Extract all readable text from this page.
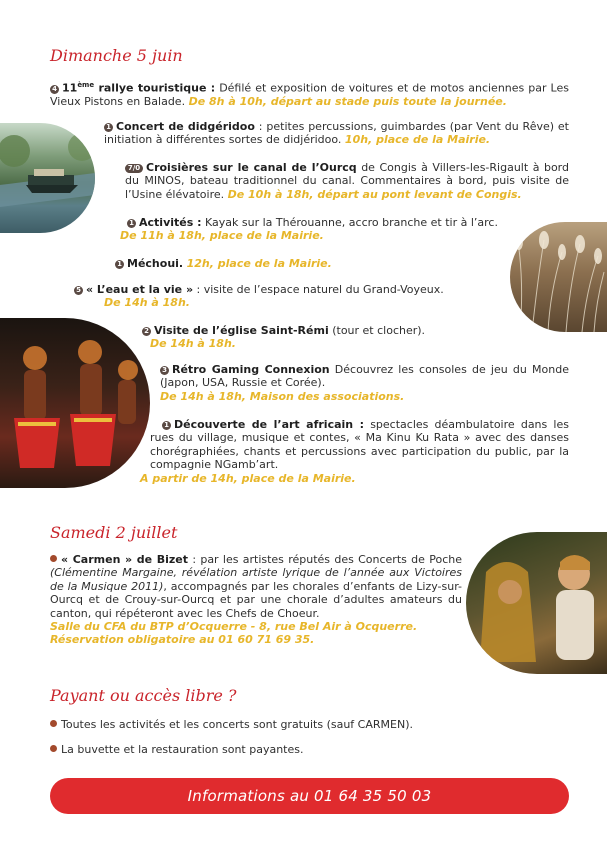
Dimanche 5 juin
4 11ème rallye touristique : Défilé et exposition de voitures et de motos anciennes par Les Vieux Pistons en Balade. De 8h à 10h, départ au stade puis toute la journée.
1 Concert de didgéridoo : petites percussions, guimbardes (par Vent du Rêve) et initiation à différentes sortes de didjéridoo. 10h, place de la Mairie.
7/0 Croisières sur le canal de l’Ourcq de Congis à Villers-les-Rigault à bord du MINOS, bateau traditionnel du canal. Commentaires à bord, puis visite de l’Usine élévatoire. De 10h à 18h, départ au pont levant de Congis.
1 Activités : Kayak sur la Thérouanne, accro branche et tir à l’arc.
De 11h à 18h, place de la Mairie.
1 Méchoui. 12h, place de la Mairie.
5 « L’eau et la vie » : visite de l’espace naturel du Grand-Voyeux.
De 14h à 18h.
2 Visite de l’église Saint-Rémi (tour et clocher).
De 14h à 18h.
3 Rétro Gaming Connexion Découvrez les consoles de jeu du Monde (Japon, USA, Russie et Corée).
De 14h à 18h, Maison des associations.
1 Découverte de l’art africain : spectacles déambulatoire dans les rues du village, musique et contes, « Ma Kinu Ku Rata » avec des danses chorégraphiées, chants et percussions avec participation du public, par la compagnie NGamb’art.
A partir de 14h, place de la Mairie.
Samedi 2 juillet
« Carmen » de Bizet : par les artistes réputés des Concerts de Poche (Clémentine Margaine, révélation artiste lyrique de l’année aux Victoires de la Musique 2011), accompagnés par les chorales d’enfants de Lizy-sur-Ourcq et de Crouy-sur-Ourcq et par une chorale d’adultes amateurs du canton, qui répéteront avec les Chefs de Choeur.
Salle du CFA du BTP d’Ocquerre - 8, rue Bel Air à Ocquerre.
Réservation obligatoire au 01 60 71 69 35.
Payant ou accès libre ?
Toutes les activités et les concerts sont gratuits (sauf CARMEN).
La buvette et la restauration sont payantes.
Informations au 01 64 35 50 03
